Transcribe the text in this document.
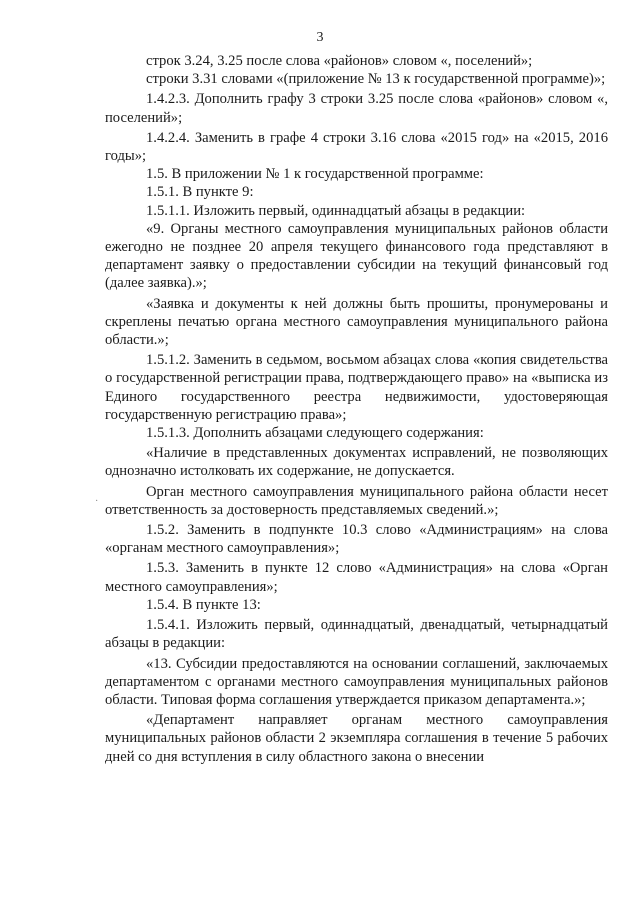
3
·

строк 3.24, 3.25 после слова «районов» словом «, поселений»;

строки 3.31 словами «(приложение № 13 к государственной программе)»;

1.4.2.3. Дополнить графу 3 строки 3.25 после слова «районов» словом «, поселений»;

1.4.2.4. Заменить в графе 4 строки 3.16 слова «2015 год» на «2015, 2016 годы»;

1.5. В приложении № 1 к государственной программе:

1.5.1. В пункте 9:

1.5.1.1. Изложить первый, одиннадцатый абзацы в редакции:

«9. Органы местного самоуправления муниципальных районов области ежегодно не позднее 20 апреля текущего финансового года представляют в департамент заявку о предоставлении субсидии на текущий финансовый год (далее заявка).»;

«Заявка и документы к ней должны быть прошиты, пронумерованы и скреплены печатью органа местного самоуправления муниципального района области.»;

1.5.1.2. Заменить в седьмом, восьмом абзацах слова «копия свидетельства о государственной регистрации права, подтверждающего право» на «выписка из Единого государственного реестра недвижимости, удостоверяющая государственную регистрацию права»;

1.5.1.3. Дополнить абзацами следующего содержания:

«Наличие в представленных документах исправлений, не позволяющих однозначно истолковать их содержание, не допускается.

Орган местного самоуправления муниципального района области несет ответственность за достоверность представляемых сведений.»;

1.5.2. Заменить в подпункте 10.3 слово «Администрациям» на слова «органам местного самоуправления»;

1.5.3. Заменить в пункте 12 слово «Администрация» на слова «Орган местного самоуправления»;

1.5.4. В пункте 13:

1.5.4.1. Изложить первый, одиннадцатый, двенадцатый, четырнадцатый абзацы в редакции:

«13. Субсидии предоставляются на основании соглашений, заключаемых департаментом с органами местного самоуправления муниципальных районов области. Типовая форма соглашения утверждается приказом департамента.»;

«Департамент направляет органам местного самоуправления муниципальных районов области 2 экземпляра соглашения в течение 5 рабочих дней со дня вступления в силу областного закона о внесении
